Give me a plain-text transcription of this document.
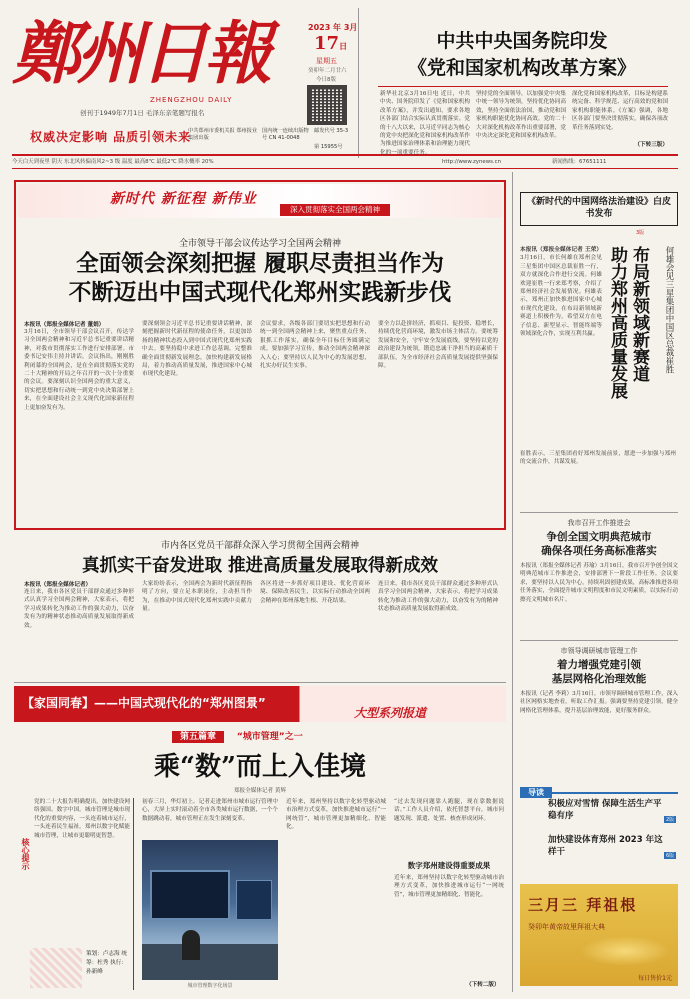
鄭州日報
ZHENGZHOU DAILY
创刊于1949年7月1日 毛泽东亲笔题写报名
2023 年 3月
17日
星期五
癸卯年二月廿六
今日8版
权威决定影响 品质引领未来
中共郑州市委机关报 郑州报业集团出版
国内统一连续出版物号 CN 41-0048
邮发代号 35-3
第 15955号
今天白天到夜里 阴天 东北风转偏南风2~3 级 温度 最高8℃ 最低2℃ 降水概率 20%	http://www.zynews.cn	新闻热线：67651111
中共中央国务院印发
《党和国家机构改革方案》
新华社北京3月16日电 近日，中共中央、国务院印发了《党和国家机构改革方案》，并发出通知，要求各地区各部门结合实际认真贯彻落实。党的十八大以来，以习近平同志为核心的党中央把深化党和国家机构改革作为推进国家治理体系和治理能力现代化的一项重要任务。
坚持党的全面领导，以加强党中央集中统一领导为统领，坚持优化协同高效，坚持全面依法治国，推动党和国家机构职能优化协同高效。党的二十大对深化机构改革作出重要部署，党中央决定深化党和国家机构改革。
深化党和国家机构改革，目标是构建系统完备、科学规范、运行高效的党和国家机构职能体系。《方案》强调，各地区各部门要坚决贯彻落实，确保各项改革任务落到实处。
（下转三版）
新时代 新征程 新伟业
深入贯彻落实全国两会精神
全市领导干部会议传达学习全国两会精神
全面领会深刻把握 履职尽责担当作为
不断迈出中国式现代化郑州实践新步伐
本报讯（郑报全媒体记者 董娟）
3月16日，全市领导干部会议召开，传达学习全国两会精神和习近平总书记重要讲话精神，对我市贯彻落实工作进行安排部署。市委书记安伟主持并讲话。会议指出，刚刚胜利闭幕的全国两会，是在全面贯彻落实党的二十大精神的开局之年召开的一次十分重要的会议。要深刻认识全国两会的重大意义，切实把思想和行动统一到党中央决策部署上来，在全面建设社会主义现代化国家新征程上更加奋发有为。
要深刻领会习近平总书记重要讲话精神，深刻把握新时代新征程的使命任务，以更加昂扬的精神状态投入到中国式现代化郑州实践中去。要坚持稳中求进工作总基调，完整准确全面贯彻新发展理念，加快构建新发展格局，着力推动高质量发展，推进国家中心城市现代化建设。
会议要求，各级各部门要切实把思想和行动统一到全国两会精神上来，聚焦重点任务，狠抓工作落实，确保全年目标任务圆满完成。要加强学习宣传，推动全国两会精神深入人心；要坚持以人民为中心的发展思想，扎实办好民生实事。
要全力以赴拼经济，抓项目、促投资、稳增长，持续优化营商环境，激发市场主体活力。要统筹发展和安全，守牢安全发展底线。要坚持以党的政治建设为统领，锻造忠诚干净担当的高素质干部队伍，为全市经济社会高质量发展提供坚强保障。
市内各区党员干部群众深入学习贯彻全国两会精神
真抓实干奋发进取 推进高质量发展取得新成效
本报讯（郑报全媒体记者）
连日来，我市各区党员干部群众通过多种形式认真学习全国两会精神，大家表示，将把学习成果转化为推动工作的强大动力，以奋发有为的精神状态推动高质量发展取得新成效。
大家纷纷表示，全国两会为新时代新征程指明了方向，要立足本职岗位，主动担当作为，在推动中国式现代化郑州实践中贡献力量。
各区将进一步抓好项目建设、优化营商环境、保障改善民生，以实际行动推动全国两会精神在郑州落地生根、开花结果。
连日来，我市各区党员干部群众通过多种形式认真学习全国两会精神，大家表示，将把学习成果转化为推动工作的强大动力，以奋发有为的精神状态推动高质量发展取得新成效。
【家国同春】——中国式现代化的“郑州图景”
大型系列报道
第五篇章 “城市管理”之一
乘“数”而上入佳境
郑报全媒体记者 黄辉
核心提示
党的二十大报告明确提出，加快建设网络强国、数字中国。城市管理是城市现代化的重要内容，一头连着城市运行，一头连着民生福祉。郑州以数字化赋能城市管理，让城市更聪明更智慧。
策划：卢志海 统筹：杜秀 执行：孙新峰
城市管理数字化场景
初春三月，华灯初上。记者走进郑州市城市运行管理中心，大屏上实时滚动着全市各类城市运行数据，一个个数据跳动着，城市管理正在发生深刻变革。
近年来，郑州坚持以数字化转型驱动城市治理方式变革，加快推进城市运行“一网统管”，城市管理更加精细化、智能化。
数字郑州建设得重要成果
“过去发现问题靠人跑腿，现在靠数据说话。”工作人员介绍，依托智慧平台，城市问题发现、派遣、处置、核查形成闭环。
近年来，郑州坚持以数字化转型驱动城市治理方式变革，加快推进城市运行“一网统管”，城市管理更加精细化、智能化。
（下转二版）
《新时代的中国网络法治建设》白皮书发布
3版
何雄会见三星集团中国区总裁崔胜
布局新领域新赛道
助力郑州高质量发展
本报讯（郑报全媒体记者 王荣）3月16日，市长何雄在郑州会见三星集团中国区总裁崔胜一行，双方就深化合作进行交流。何雄欢迎崔胜一行来郑考察，介绍了郑州经济社会发展情况。何雄表示，郑州正加快推进国家中心城市现代化建设，在布局新领域新赛道上积极作为，希望双方在电子信息、新型显示、智能终端等领域深化合作，实现互利共赢。
崔胜表示，三星集团看好郑州发展前景，愿进一步加强与郑州的交流合作，共谋发展。
我市召开工作推进会
争创全国文明典范城市
确保各项任务高标准落实
本报讯（郑报全媒体记者 苏瑜）3月16日，我市召开争创全国文明典范城市工作推进会，安排部署下一阶段工作任务。会议要求，要坚持以人民为中心，持续巩固创建成果，高标准推进各项任务落实，全面提升城市文明程度和市民文明素质，以实际行动擦亮文明城市名片。
市领导调研城市管理工作
着力增强党建引领
基层网格化治理效能
本报讯（记者 李莉）3月16日，市领导调研城市管理工作，深入社区网格实地查看，听取工作汇报。强调要坚持党建引领，健全网格化管理体系，提升基层治理效能，更好服务群众。
导读
积极应对雪情 保障生活生产平稳有序	2版
加快建设体育郑州 2023 年这样干	6版
三月三 拜祖根
癸卯年黄帝故里拜祖大典
每日售价1元
